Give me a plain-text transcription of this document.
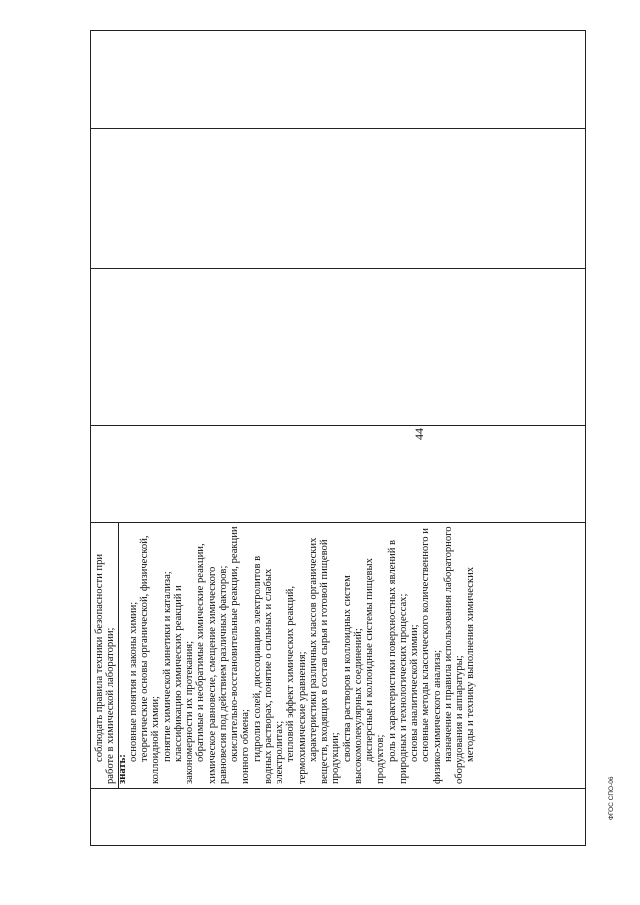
соблюдать правила техники безопасности при работе в химической лаборатории; знать:
основные понятия и законы химии; теоретические основы органической, физической, коллоидной химии; понятие химической кинетики и катализа; классификацию химических реакций и закономерности их протекания; обратимые и необратимые химические реакции, химическое равновесие, смещение химического равновесия под действием различных факторов; окислительно-восстановительные реакции, реакции ионного обмена; гидролиз солей, диссоциацию электролитов в водных растворах, понятие о сильных и слабых электролитах; тепловой эффект химических реакций, термохимические уравнения; характеристики различных классов органических веществ, входящих в состав сырья и готовой пищевой продукции; свойства растворов и коллоидных систем высокомолекулярных соединений; дисперсные и коллоидные системы пищевых продуктов; роль и характеристики поверхностных явлений в природных и технологических процессах; основы аналитической химии; основные методы классического количественного и физико-химического анализа; назначение и правила использования лабораторного оборудования и аппаратуры; методы и технику выполнения химических
44
ФГОС СПО-06
